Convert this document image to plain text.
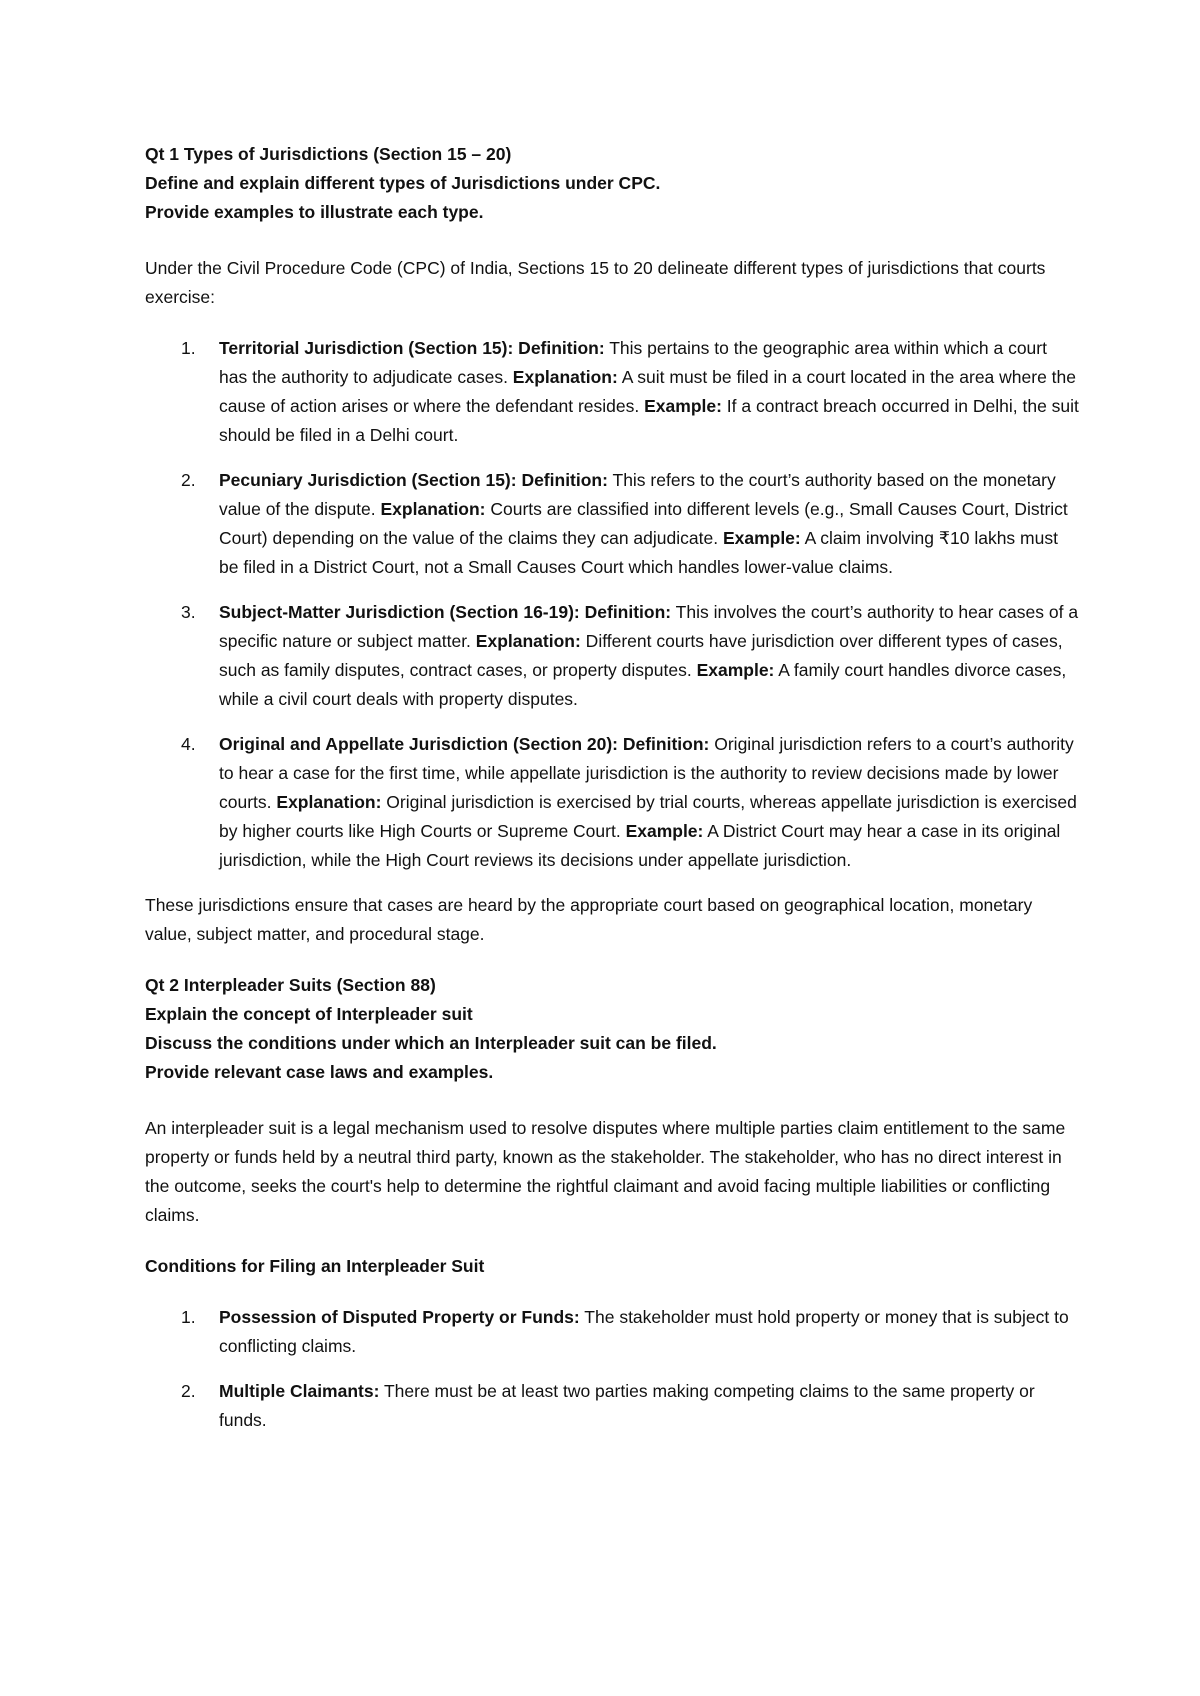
Qt 1 Types of Jurisdictions (Section 15 – 20)

Define and explain different types of Jurisdictions under CPC.

Provide examples to illustrate each type.

Under the Civil Procedure Code (CPC) of India, Sections 15 to 20 delineate different types of jurisdictions that courts exercise:

1. Territorial Jurisdiction (Section 15): Definition: This pertains to the geographic area within which a court has the authority to adjudicate cases. Explanation: A suit must be filed in a court located in the area where the cause of action arises or where the defendant resides. Example: If a contract breach occurred in Delhi, the suit should be filed in a Delhi court.
2. Pecuniary Jurisdiction (Section 15): Definition: This refers to the court’s authority based on the monetary value of the dispute. Explanation: Courts are classified into different levels (e.g., Small Causes Court, District Court) depending on the value of the claims they can adjudicate. Example: A claim involving ₹10 lakhs must be filed in a District Court, not a Small Causes Court which handles lower-value claims.
3. Subject-Matter Jurisdiction (Section 16-19): Definition: This involves the court’s authority to hear cases of a specific nature or subject matter. Explanation: Different courts have jurisdiction over different types of cases, such as family disputes, contract cases, or property disputes. Example: A family court handles divorce cases, while a civil court deals with property disputes.
4. Original and Appellate Jurisdiction (Section 20): Definition: Original jurisdiction refers to a court’s authority to hear a case for the first time, while appellate jurisdiction is the authority to review decisions made by lower courts. Explanation: Original jurisdiction is exercised by trial courts, whereas appellate jurisdiction is exercised by higher courts like High Courts or Supreme Court. Example: A District Court may hear a case in its original jurisdiction, while the High Court reviews its decisions under appellate jurisdiction.

These jurisdictions ensure that cases are heard by the appropriate court based on geographical location, monetary value, subject matter, and procedural stage.

Qt 2 Interpleader Suits (Section 88)

Explain the concept of Interpleader suit

Discuss the conditions under which an Interpleader suit can be filed.

Provide relevant case laws and examples.

An interpleader suit is a legal mechanism used to resolve disputes where multiple parties claim entitlement to the same property or funds held by a neutral third party, known as the stakeholder. The stakeholder, who has no direct interest in the outcome, seeks the court's help to determine the rightful claimant and avoid facing multiple liabilities or conflicting claims.

Conditions for Filing an Interpleader Suit

1. Possession of Disputed Property or Funds: The stakeholder must hold property or money that is subject to conflicting claims.
2. Multiple Claimants: There must be at least two parties making competing claims to the same property or funds.
